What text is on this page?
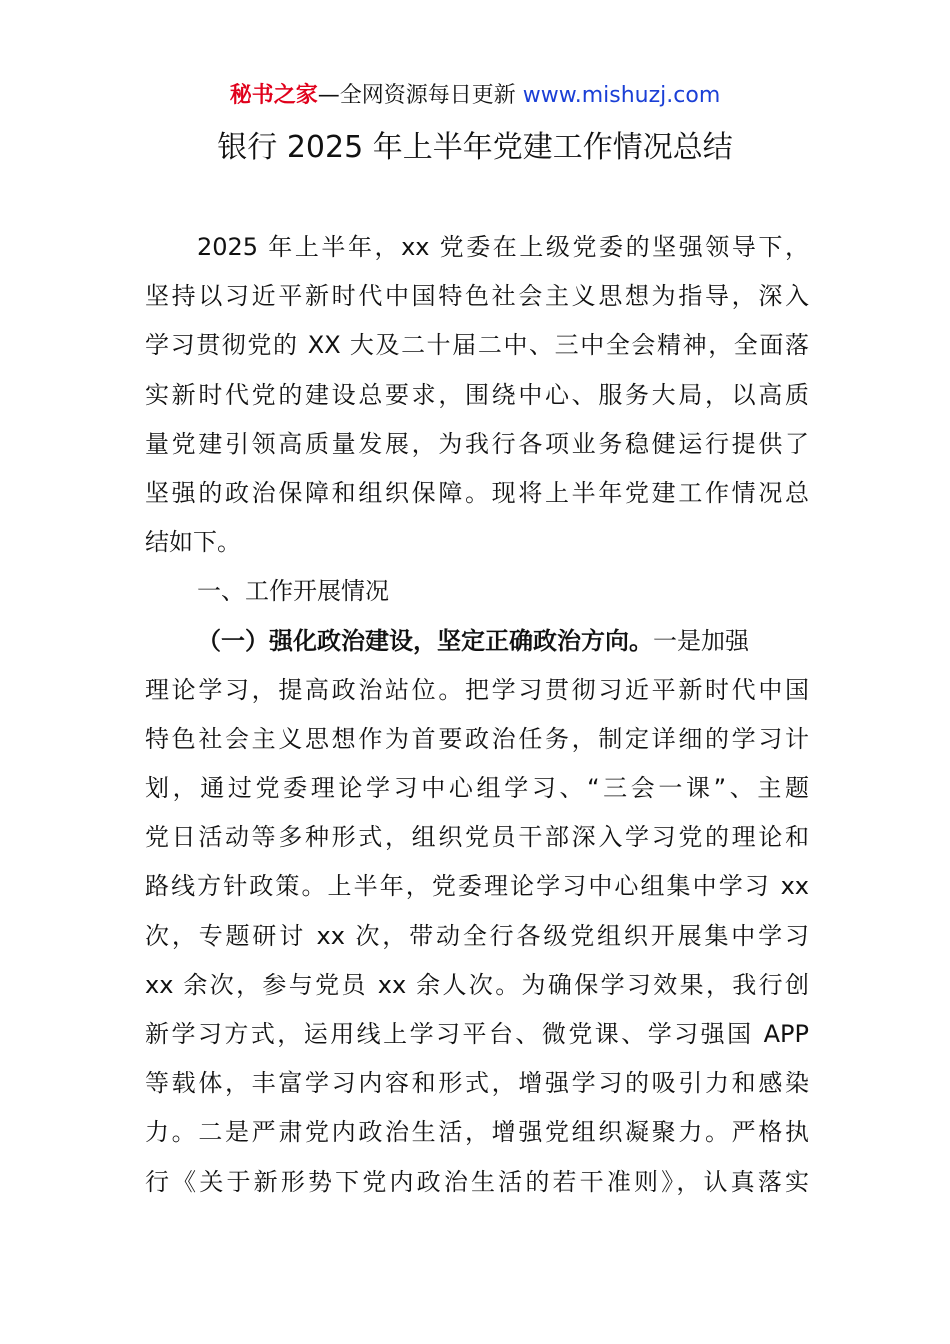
秘书之家—全网资源每日更新 www.mishuzj.com
银行 2025 年上半年党建工作情况总结
2025 年上半年，xx 党委在上级党委的坚强领导下，
坚持以习近平新时代中国特色社会主义思想为指导，深入
学习贯彻党的 XX 大及二十届二中、三中全会精神，全面落
实新时代党的建设总要求，围绕中心、服务大局，以高质
量党建引领高质量发展，为我行各项业务稳健运行提供了
坚强的政治保障和组织保障。现将上半年党建工作情况总
结如下。
一、工作开展情况
（一）强化政治建设，坚定正确政治方向。一是加强
理论学习，提高政治站位。把学习贯彻习近平新时代中国
特色社会主义思想作为首要政治任务，制定详细的学习计
划，通过党委理论学习中心组学习、“三会一课”、主题
党日活动等多种形式，组织党员干部深入学习党的理论和
路线方针政策。上半年，党委理论学习中心组集中学习 xx
次，专题研讨 xx 次，带动全行各级党组织开展集中学习
xx 余次，参与党员 xx 余人次。为确保学习效果，我行创
新学习方式，运用线上学习平台、微党课、学习强国 APP
等载体，丰富学习内容和形式，增强学习的吸引力和感染
力。二是严肃党内政治生活，增强党组织凝聚力。严格执
行《关于新形势下党内政治生活的若干准则》，认真落实
